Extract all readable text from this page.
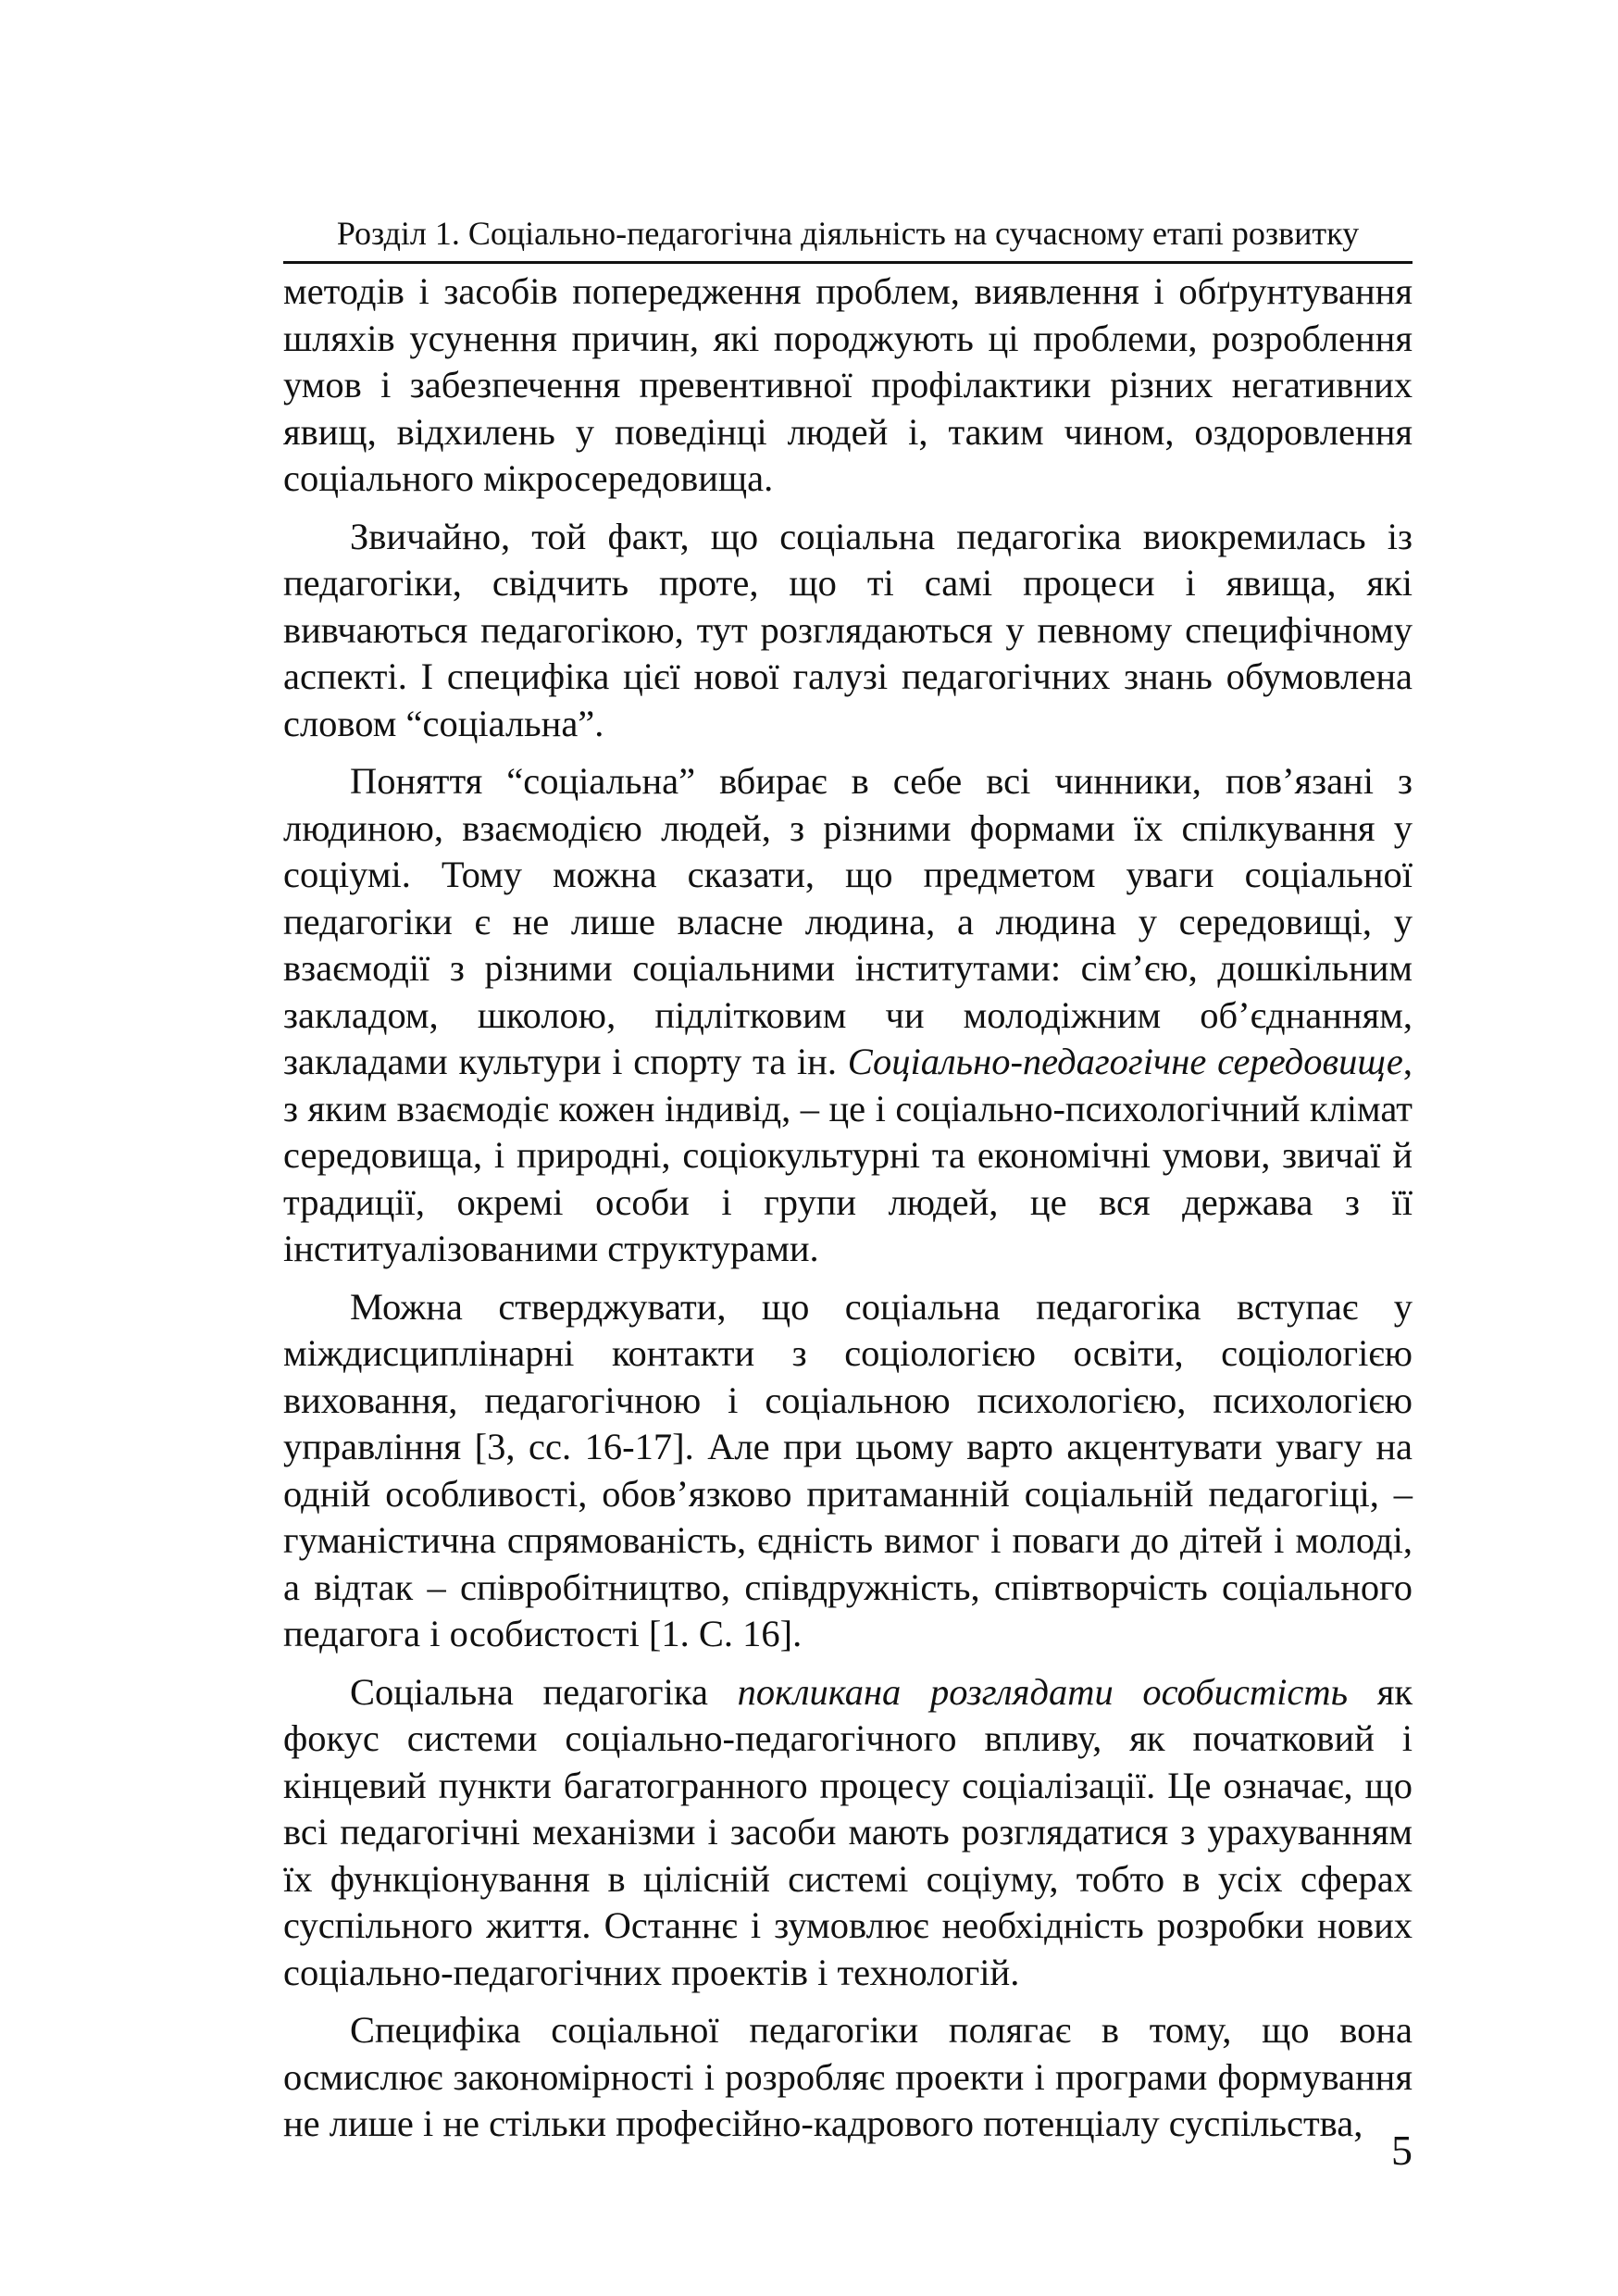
Розділ 1. Соціально-педагогічна діяльність на сучасному етапі розвитку

методів і засобів попередження проблем, виявлення і обґрунтування шляхів усунення причин, які породжують ці проблеми, розроблення умов і забезпечення превентивної профілактики різних негативних явищ, відхилень у поведінці людей і, таким чином, оздоровлення соціального мікросередовища.

Звичайно, той факт, що соціальна педагогіка виокремилась із педагогіки, свідчить проте, що ті самі процеси і явища, які вивчаються педагогікою, тут розглядаються у певному специфічному аспекті. І специфіка цієї нової галузі педагогічних знань обумовлена словом “соціальна”.

Поняття “соціальна” вбирає в себе всі чинники, пов’язані з людиною, взаємодією людей, з різними формами їх спілкування у соціумі. Тому можна сказати, що предметом уваги соціальної педагогіки є не лише власне людина, а людина у середовищі, у взаємодії з різними соціальними інститутами: сім’єю, дошкільним закладом, школою, підлітковим чи молодіжним об’єднанням, закладами культури і спорту та ін. Соціально-педагогічне середовище, з яким взаємодіє кожен індивід, – це і соціально-психологічний клімат середовища, і природні, соціокультурні та економічні умови, звичаї й традиції, окремі особи і групи людей, це вся держава з її інституалізованими структурами.

Можна стверджувати, що соціальна педагогіка вступає у міждисциплінарні контакти з соціологією освіти, соціологією виховання, педагогічною і соціальною психологією, психологією управління [3, сс. 16-17]. Але при цьому варто акцентувати увагу на одній особливості, обов’язково притаманній соціальній педагогіці, – гуманістична спрямованість, єдність вимог і поваги до дітей і молоді, а відтак – співробітництво, співдружність, співтворчість соціального педагога і особистості [1. С. 16].

Соціальна педагогіка покликана розглядати особистість як фокус системи соціально-педагогічного впливу, як початковий і кінцевий пункти багатогранного процесу соціалізації. Це означає, що всі педагогічні механізми і засоби мають розглядатися з урахуванням їх функціонування в цілісній системі соціуму, тобто в усіх сферах суспільного життя. Останнє і зумовлює необхідність розробки нових соціально-педагогічних проектів і технологій.

Специфіка соціальної педагогіки полягає в тому, що вона осмислює закономірності і розробляє проекти і програми формування не лише і не стільки професійно-кадрового потенціалу суспільства,

5
